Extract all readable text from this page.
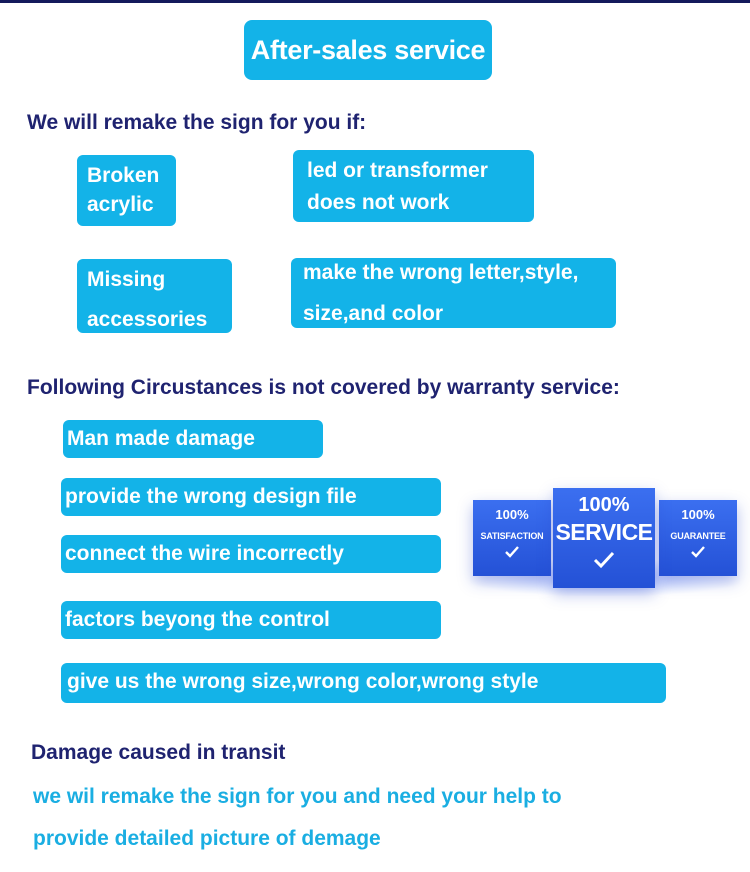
After-sales service
We will remake the sign for you if:
Broken
acrylic
led or transformer
does not work
Missing
accessories
make the wrong letter,style,
size,and color
Following Circustances is not covered by warranty service:
Man made damage
provide the wrong design file
connect the wire incorrectly
factors beyong the control
give us the wrong size,wrong color,wrong style
100%
SATISFACTION
100%
GUARANTEE
100%
SERVICE
Damage caused in transit
we wil remake the sign for you and need your help to
provide detailed picture of demage
